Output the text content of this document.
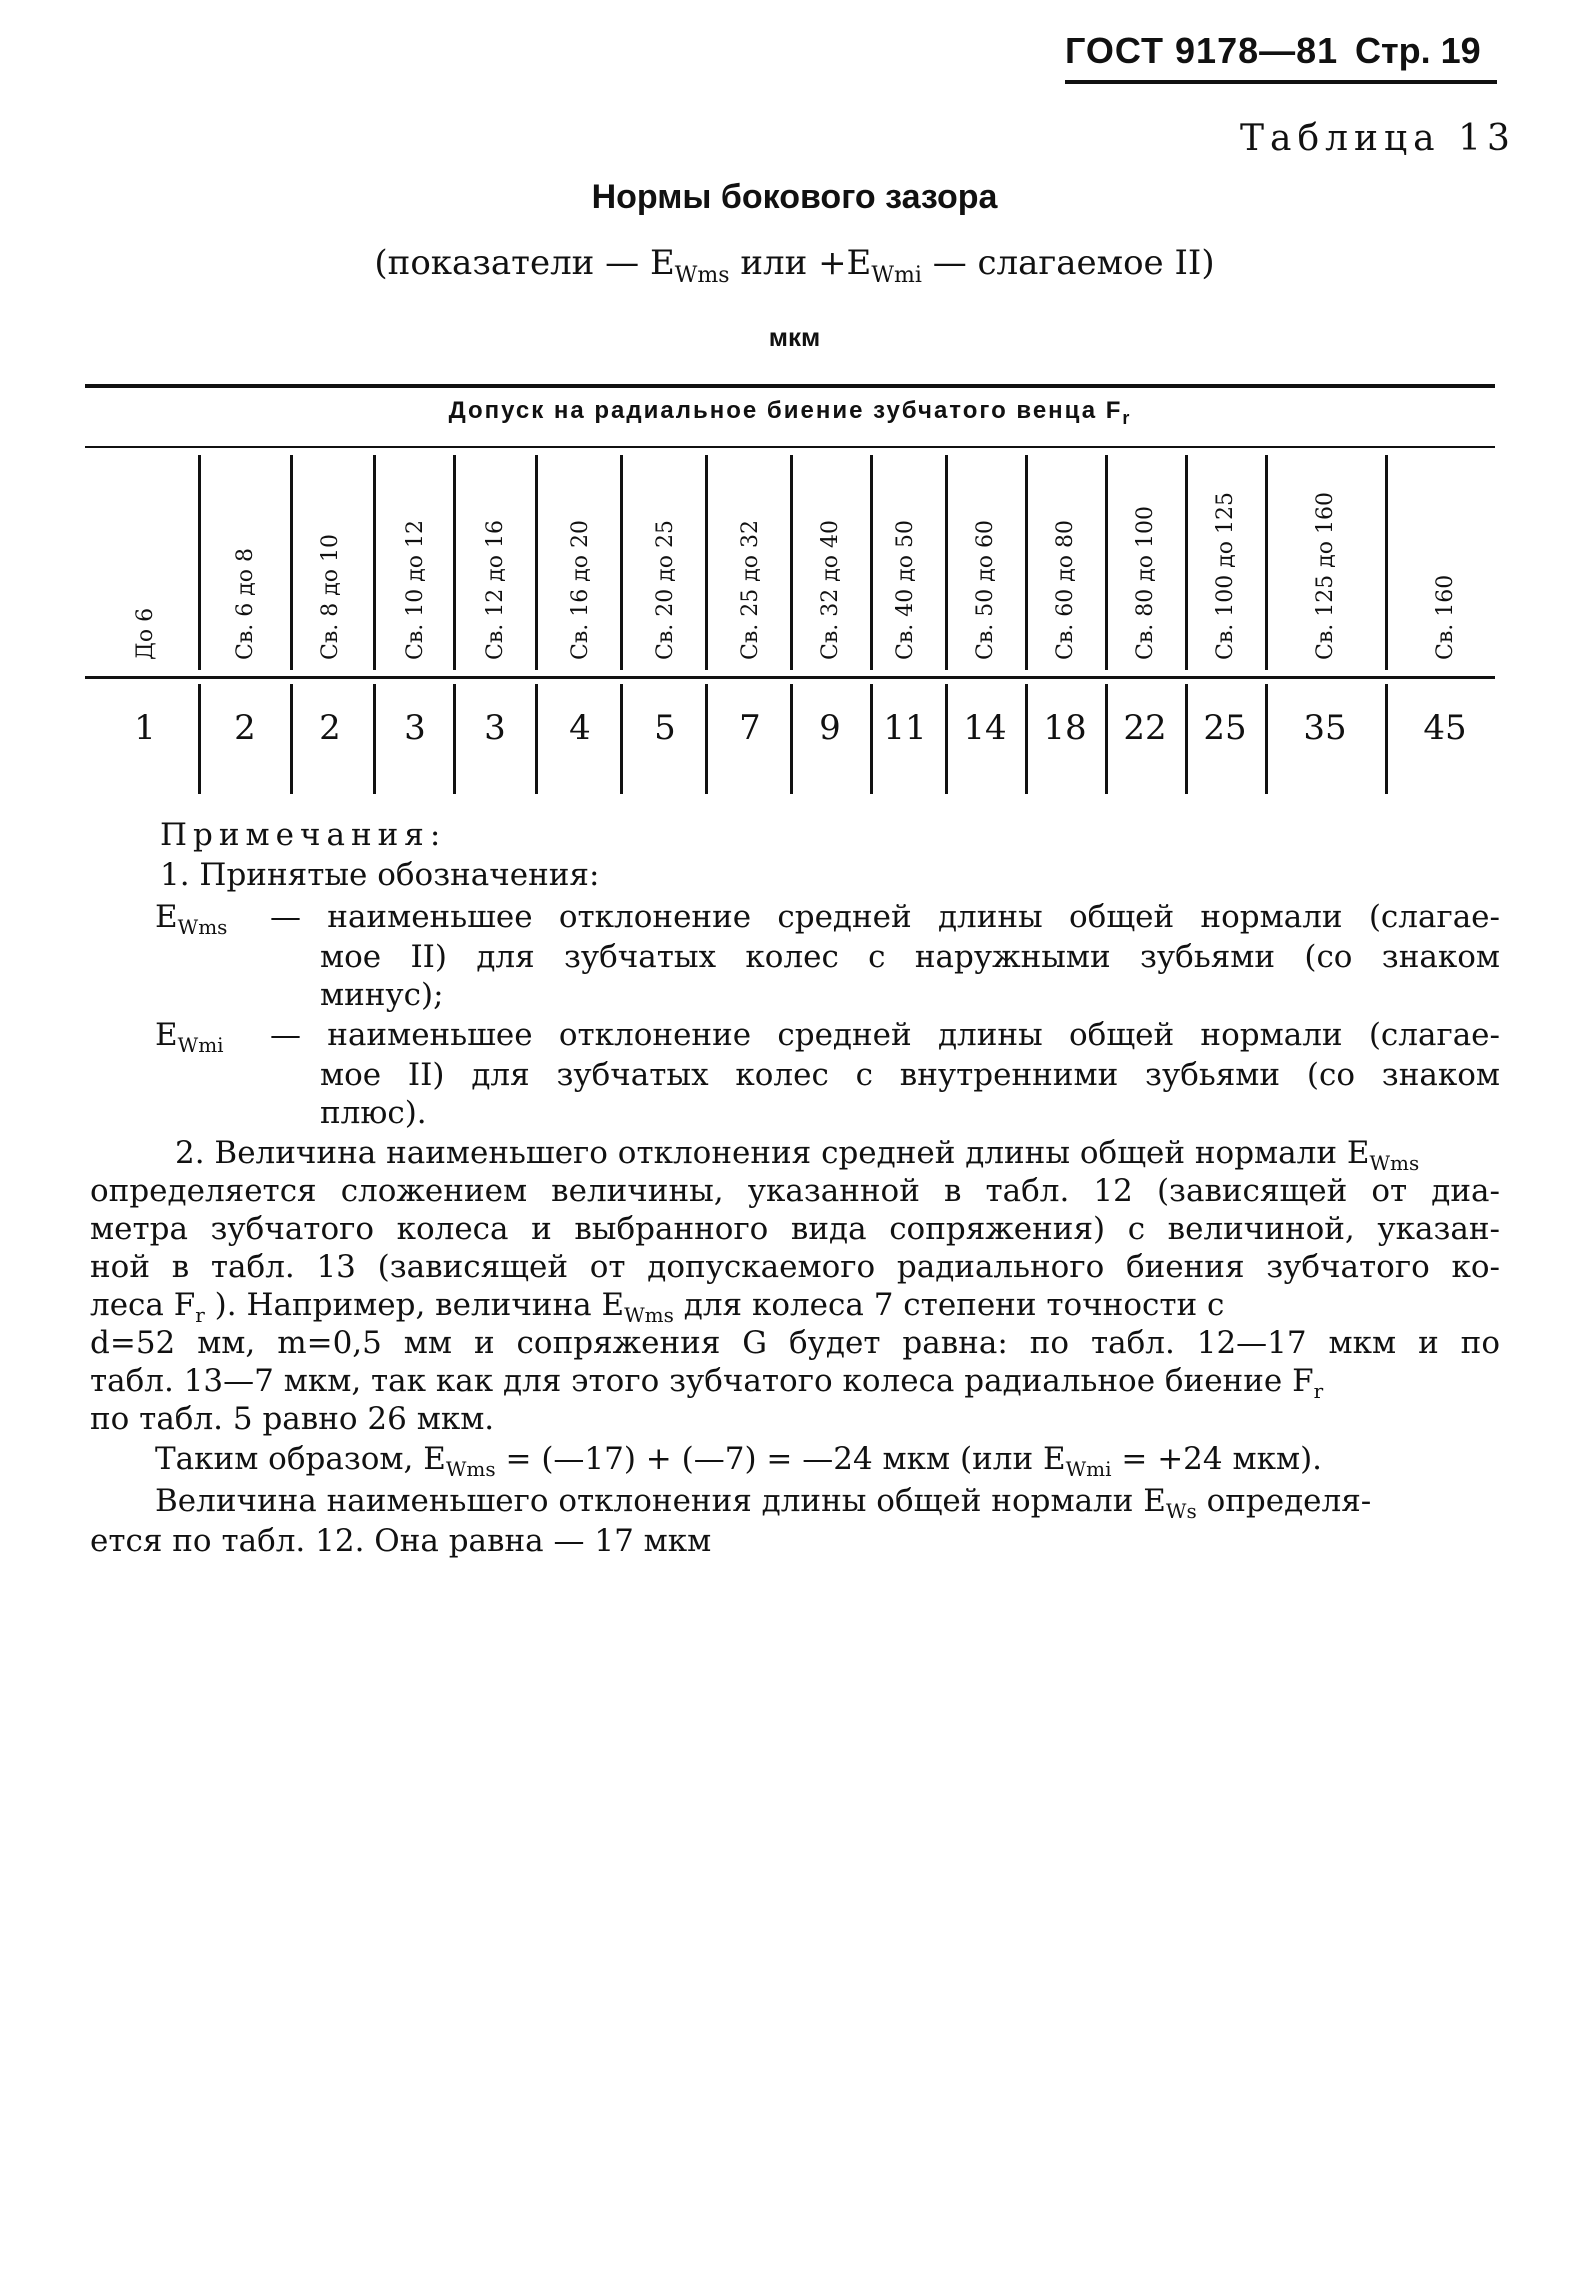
ГОСТ 9178—81 Стр. 19
Таблица 13
Нормы бокового зазора
(показатели — $E_{Wms}$ или $+E_{Wmi}$ — слагаемое II)
мкм
Допуск на радиальное биение зубчатого венца $F_r$
До 6
1
Св. 6 до 8
2
Св. 8 до 10
2
Св. 10 до 12
3
Св. 12 до 16
3
Св. 16 до 20
4
Св. 20 до 25
5
Св. 25 до 32
7
Св. 32 до 40
9
Св. 40 до 50
11
Св. 50 до 60
14
Св. 60 до 80
18
Св. 80 до 100
22
Св. 100 до 125
25
Св. 125 до 160
35
Св. 160
45
Примечания:
1. Принятые обозначения:
$E_{Wms}$ — наименьшее отклонение средней длины общей нормали (слагае-
мое II) для зубчатых колес с наружными зубьями (со знаком
минус);
$E_{Wmi}$ — наименьшее отклонение средней длины общей нормали (слагае-
мое II) для зубчатых колес с внутренними зубьями (со знаком
плюс).
2. Величина наименьшего отклонения средней длины общей нормали $E_{Wms}$
определяется сложением величины, указанной в табл. 12 (зависящей от диа-
метра зубчатого колеса и выбранного вида сопряжения) с величиной, указан-
ной в табл. 13 (зависящей от допускаемого радиального биения зубчатого ко-
леса $F_r$ ). Например, величина $E_{Wms}$ для колеса 7 степени точности с
d=52 мм, m=0,5 мм и сопряжения G будет равна: по табл. 12—17 мкм и по
табл. 13—7 мкм, так как для этого зубчатого колеса радиальное биение $F_r$
по табл. 5 равно 26 мкм.
Таким образом, $E_{Wms}$ = (—17) + (—7) = —24 мкм (или $E_{Wmi} = +24$ мкм).
Величина наименьшего отклонения длины общей нормали $E_{Ws}$ определя-
ется по табл. 12. Она равна — 17 мкм
